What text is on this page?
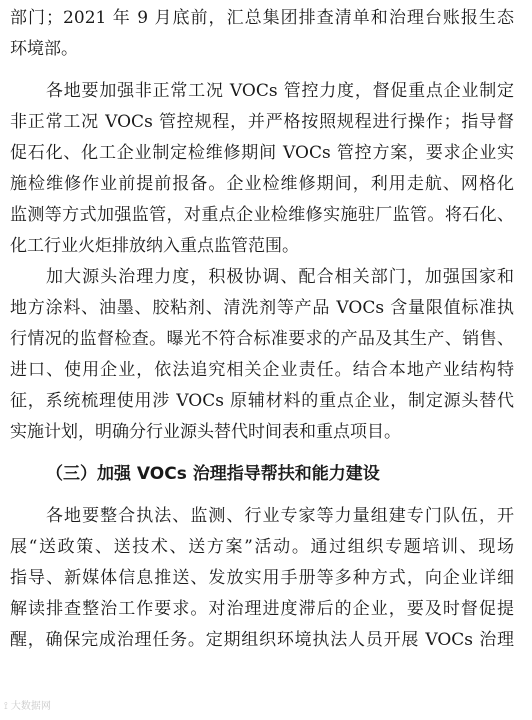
部门；2021 年 9 月底前，汇总集团排查清单和治理台账报生态
环境部。
各地要加强非正常工况 VOCs 管控力度，督促重点企业制定
非正常工况 VOCs 管控规程，并严格按照规程进行操作；指导督
促石化、化工企业制定检维修期间 VOCs 管控方案，要求企业实
施检维修作业前提前报备。企业检维修期间，利用走航、网格化
监测等方式加强监管，对重点企业检维修实施驻厂监管。将石化、
化工行业火炬排放纳入重点监管范围。
加大源头治理力度，积极协调、配合相关部门，加强国家和
地方涂料、油墨、胶粘剂、清洗剂等产品 VOCs 含量限值标准执
行情况的监督检查。曝光不符合标准要求的产品及其生产、销售、
进口、使用企业，依法追究相关企业责任。结合本地产业结构特
征，系统梳理使用涉 VOCs 原辅材料的重点企业，制定源头替代
实施计划，明确分行业源头替代时间表和重点项目。
（三）加强 VOCs 治理指导帮扶和能力建设
各地要整合执法、监测、行业专家等力量组建专门队伍，开
展“送政策、送技术、送方案”活动。通过组织专题培训、现场
指导、新媒体信息推送、发放实用手册等多种方式，向企业详细
解读排查整治工作要求。对治理进度滞后的企业，要及时督促提
醒，确保完成治理任务。定期组织环境执法人员开展 VOCs 治理
⟟ 大数据网
